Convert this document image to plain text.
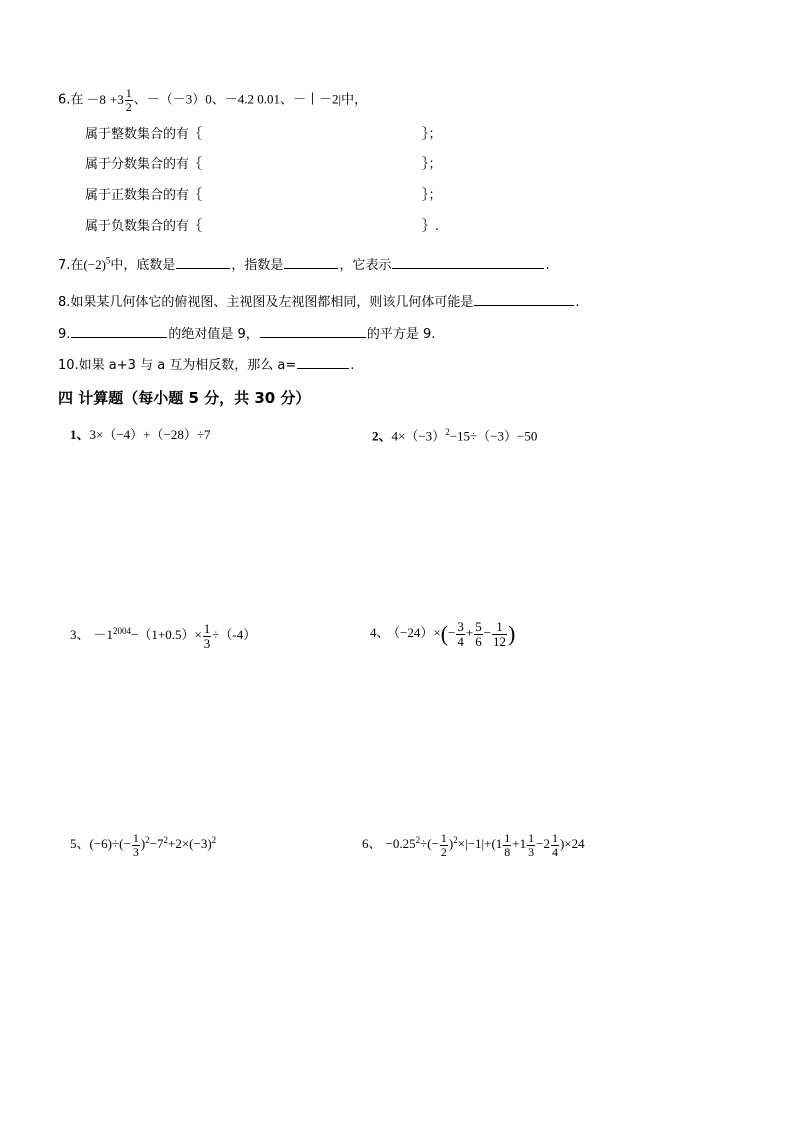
6.在 $-8 +3 \frac{1}{2}$ 、－（－3）0、－4.2 0.01、－丨－2|中，
属于整数集合的有｛	｝；
属于分数集合的有｛	｝；
属于正数集合的有｛	｝；
属于负数集合的有｛	｝.
7.在$(-2)^5$中，底数是	，指数是	，它表示	.
8.如果某几何体它的俯视图、主视图及左视图都相同，则该几何体可能是	.
9.	的绝对值是 9，	的平方是 9.
10.如果 a+3 与 a 互为相反数，那么 a=	.
四 计算题（每小题 5 分，共 30 分）
1、3×（−4）+（−28）÷7	2、$4\times(-3)^2-15\div(-3)-50$
3、 $-1^{2004}-(1+0.5)\times \frac{1}{3} \div(-4)$	4、 $(-24)\times(- \frac{3}{4} + \frac{5}{6} - \frac{1}{12}$ )
5、$(-6)\div(- \frac{1}{3} )^2-7^2+2\times(-3)^2$	6、 $-0.25^2\div(- \frac{1}{2} )^2\times|-1|+(1 \frac{1}{8} +1 \frac{1}{3} -2 \frac{1}{4} )\times 24$
